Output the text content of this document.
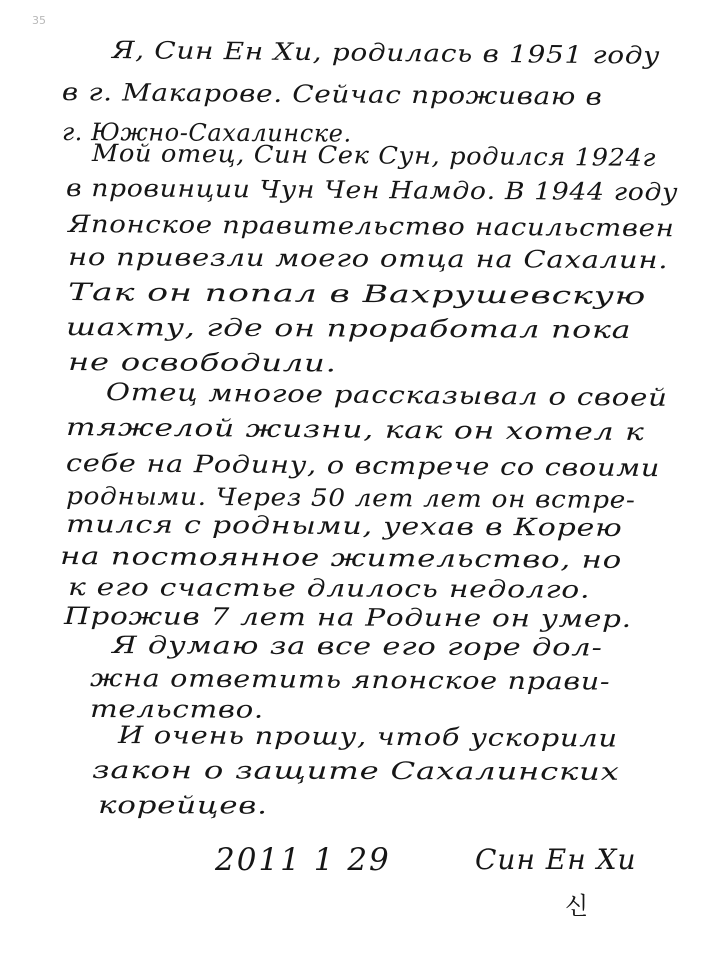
35

Я, Син Ен Хи, родилась в 1951 году

в г. Макарове. Сейчас проживаю в

г. Южно-Сахалинске.

Мой отец, Син Сек Сун, родился 1924г

в провинции Чун Чен Намдо. В 1944 году

Японское правительство насильствен

но привезли моего отца на Сахалин.

Так он попал в Вахрушевскую

шахту, где он проработал пока

не освободили.

Отец многое рассказывал о своей

тяжелой жизни, как он хотел к

себе на Родину, о встрече со своими

родными. Через 50 лет лет он встре-

тился с родными, уехав в Корею

на постоянное жительство, но

к его счастье длилось недолго.

Прожив 7 лет на Родине он умер.

Я думаю за все его горе дол-

жна ответить японское прави-

тельство.

И очень прошу, чтоб ускорили

закон о защите Сахалинских

корейцев.

2011 1 29	Син Ен Хи
신
